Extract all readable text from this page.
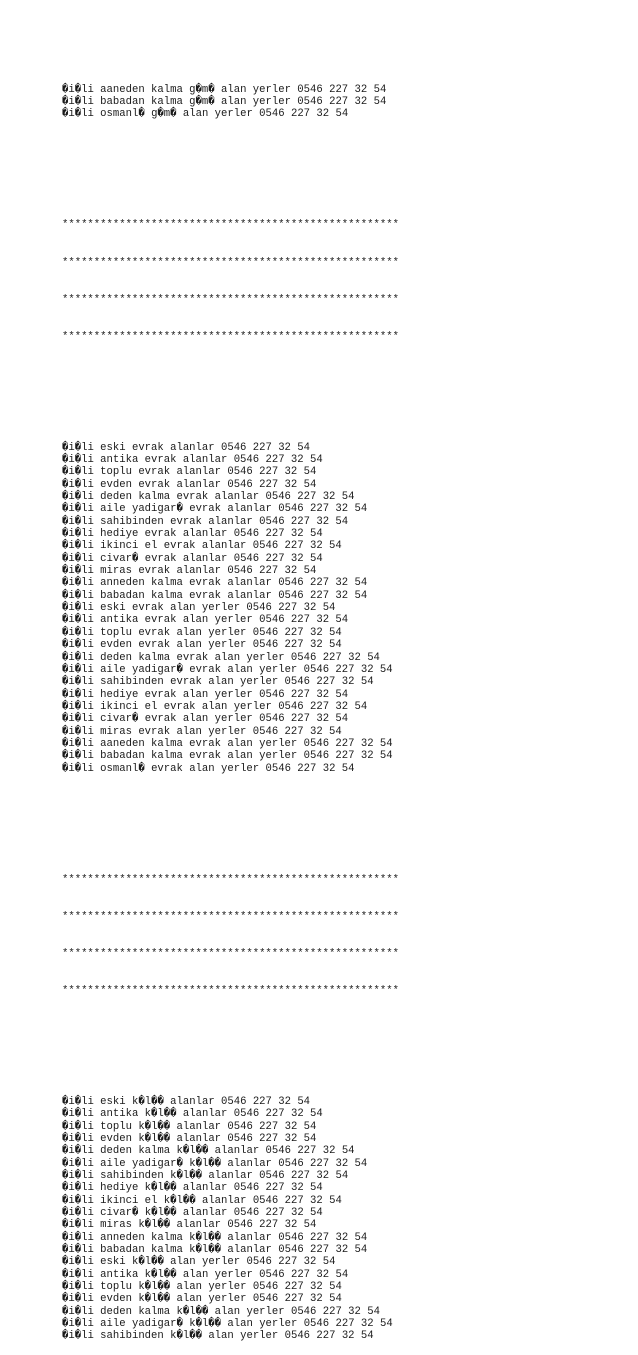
�i�li aaneden kalma g�m� alan yerler 0546 227 32 54
�i�li babadan kalma g�m� alan yerler 0546 227 32 54
�i�li osmanl� g�m� alan yerler 0546 227 32 54

*****************************************************

*****************************************************

*****************************************************

*****************************************************

�i�li eski evrak alanlar 0546 227 32 54
�i�li antika evrak alanlar 0546 227 32 54
�i�li toplu evrak alanlar 0546 227 32 54
�i�li evden evrak alanlar 0546 227 32 54
�i�li deden kalma evrak alanlar 0546 227 32 54
�i�li aile yadigar� evrak alanlar 0546 227 32 54
�i�li sahibinden evrak alanlar 0546 227 32 54
�i�li hediye evrak alanlar 0546 227 32 54
�i�li ikinci el evrak alanlar 0546 227 32 54
�i�li civar� evrak alanlar 0546 227 32 54
�i�li miras evrak alanlar 0546 227 32 54
�i�li anneden kalma evrak alanlar 0546 227 32 54
�i�li babadan kalma evrak alanlar 0546 227 32 54
�i�li eski evrak alan yerler 0546 227 32 54
�i�li antika evrak alan yerler 0546 227 32 54
�i�li toplu evrak alan yerler 0546 227 32 54
�i�li evden evrak alan yerler 0546 227 32 54
�i�li deden kalma evrak alan yerler 0546 227 32 54
�i�li aile yadigar� evrak alan yerler 0546 227 32 54
�i�li sahibinden evrak alan yerler 0546 227 32 54
�i�li hediye evrak alan yerler 0546 227 32 54
�i�li ikinci el evrak alan yerler 0546 227 32 54
�i�li civar� evrak alan yerler 0546 227 32 54
�i�li miras evrak alan yerler 0546 227 32 54
�i�li aaneden kalma evrak alan yerler 0546 227 32 54
�i�li babadan kalma evrak alan yerler 0546 227 32 54
�i�li osmanl� evrak alan yerler 0546 227 32 54

*****************************************************

*****************************************************

*****************************************************

*****************************************************

�i�li eski k�l�� alanlar 0546 227 32 54
�i�li antika k�l�� alanlar 0546 227 32 54
�i�li toplu k�l�� alanlar 0546 227 32 54
�i�li evden k�l�� alanlar 0546 227 32 54
�i�li deden kalma k�l�� alanlar 0546 227 32 54
�i�li aile yadigar� k�l�� alanlar 0546 227 32 54
�i�li sahibinden k�l�� alanlar 0546 227 32 54
�i�li hediye k�l�� alanlar 0546 227 32 54
�i�li ikinci el k�l�� alanlar 0546 227 32 54
�i�li civar� k�l�� alanlar 0546 227 32 54
�i�li miras k�l�� alanlar 0546 227 32 54
�i�li anneden kalma k�l�� alanlar 0546 227 32 54
�i�li babadan kalma k�l�� alanlar 0546 227 32 54
�i�li eski k�l�� alan yerler 0546 227 32 54
�i�li antika k�l�� alan yerler 0546 227 32 54
�i�li toplu k�l�� alan yerler 0546 227 32 54
�i�li evden k�l�� alan yerler 0546 227 32 54
�i�li deden kalma k�l�� alan yerler 0546 227 32 54
�i�li aile yadigar� k�l�� alan yerler 0546 227 32 54
�i�li sahibinden k�l�� alan yerler 0546 227 32 54
